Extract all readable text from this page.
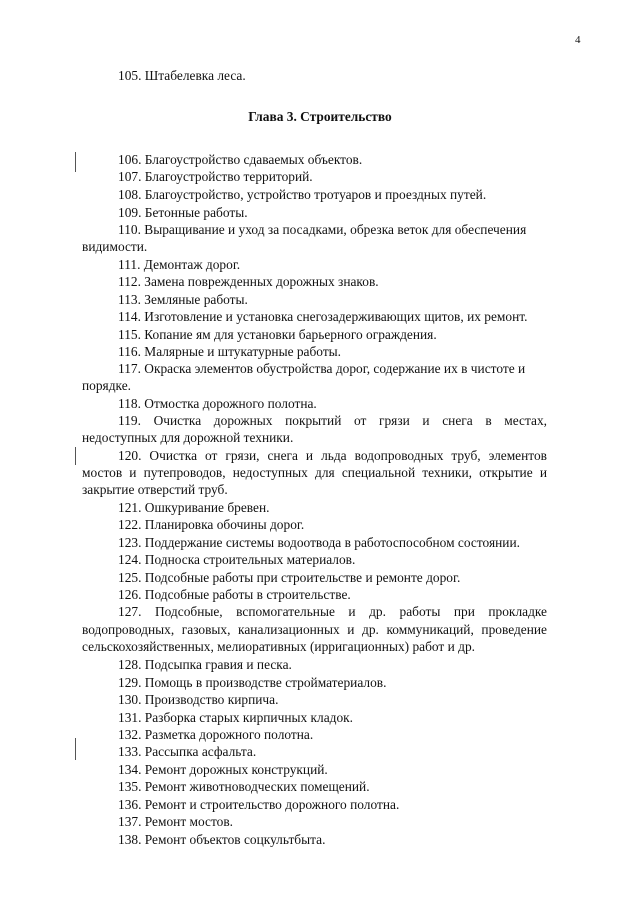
4
105. Штабелевка леса.
Глава 3. Строительство
106. Благоустройство сдаваемых объектов.
107. Благоустройство территорий.
108. Благоустройство, устройство тротуаров и проездных путей.
109. Бетонные работы.
110. Выращивание и уход за посадками, обрезка веток для обеспечения
видимости.
111. Демонтаж дорог.
112. Замена поврежденных дорожных знаков.
113. Земляные работы.
114. Изготовление и установка снегозадерживающих щитов, их ремонт.
115. Копание ям для установки барьерного ограждения.
116. Малярные и штукатурные работы.
117. Окраска элементов обустройства дорог, содержание их в чистоте и
порядке.
118. Отмостка дорожного полотна.
119. Очистка дорожных покрытий от грязи и снега в местах,
недоступных для дорожной техники.
120. Очистка от грязи, снега и льда водопроводных труб, элементов
мостов и путепроводов, недоступных для специальной техники, открытие и
закрытие отверстий труб.
121. Ошкуривание бревен.
122. Планировка обочины дорог.
123. Поддержание системы водоотвода в работоспособном состоянии.
124. Подноска строительных материалов.
125. Подсобные работы при строительстве и ремонте дорог.
126. Подсобные работы в строительстве.
127. Подсобные, вспомогательные и др. работы при прокладке
водопроводных, газовых, канализационных и др. коммуникаций, проведение
сельскохозяйственных, мелиоративных (ирригационных) работ и др.
128. Подсыпка гравия и песка.
129. Помощь в производстве стройматериалов.
130. Производство кирпича.
131. Разборка старых кирпичных кладок.
132. Разметка дорожного полотна.
133. Рассыпка асфальта.
134. Ремонт дорожных конструкций.
135. Ремонт животноводческих помещений.
136. Ремонт и строительство дорожного полотна.
137. Ремонт мостов.
138. Ремонт объектов соцкультбыта.
